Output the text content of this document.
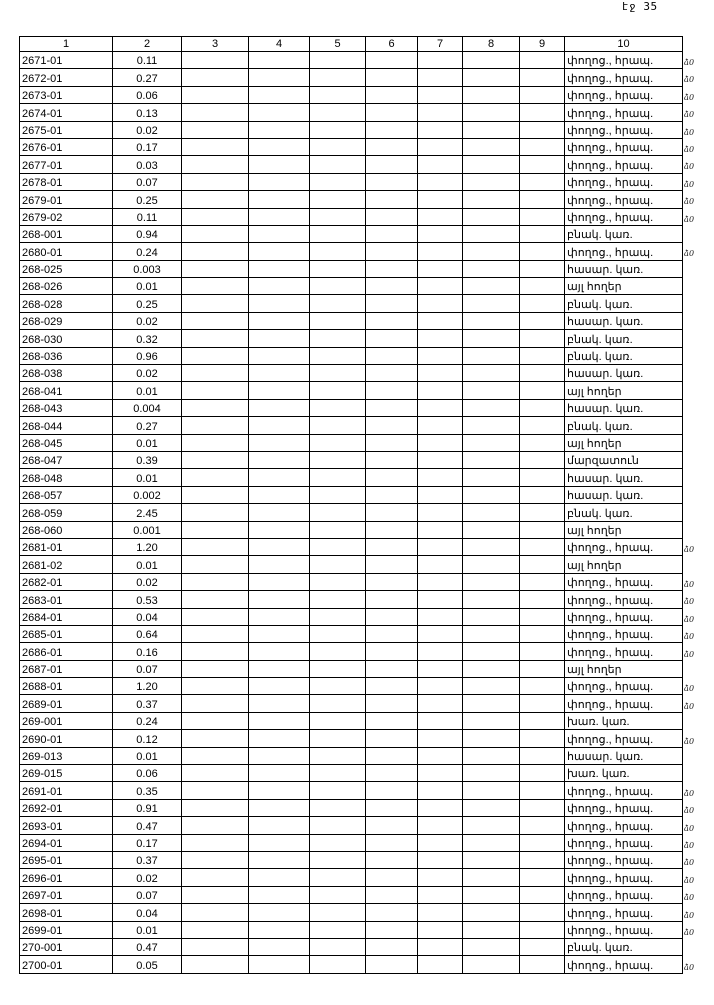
էջ 35
1	2	3	4	5	6	7	8	9	10
2671-01	0.11								փողոց., հրապ.
2672-01	0.27								փողոց., հրապ.
2673-01	0.06								փողոց., հրապ.
2674-01	0.13								փողոց., հրապ.
2675-01	0.02								փողոց., հրապ.
2676-01	0.17								փողոց., հրապ.
2677-01	0.03								փողոց., հրապ.
2678-01	0.07								փողոց., հրապ.
2679-01	0.25								փողոց., հրապ.
2679-02	0.11								փողոց., հրապ.
268-001	0.94								բնակ. կառ.
2680-01	0.24								փողոց., հրապ.
268-025	0.003								հասար. կառ.
268-026	0.01								այլ հողեր
268-028	0.25								բնակ. կառ.
268-029	0.02								հասար. կառ.
268-030	0.32								բնակ. կառ.
268-036	0.96								բնակ. կառ.
268-038	0.02								հասար. կառ.
268-041	0.01								այլ հողեր
268-043	0.004								հասար. կառ.
268-044	0.27								բնակ. կառ.
268-045	0.01								այլ հողեր
268-047	0.39								մարզատուն
268-048	0.01								հասար. կառ.
268-057	0.002								հասար. կառ.
268-059	2.45								բնակ. կառ.
268-060	0.001								այլ հողեր
2681-01	1.20								փողոց., հրապ.
2681-02	0.01								այլ հողեր
2682-01	0.02								փողոց., հրապ.
2683-01	0.53								փողոց., հրապ.
2684-01	0.04								փողոց., հրապ.
2685-01	0.64								փողոց., հրապ.
2686-01	0.16								փողոց., հրապ.
2687-01	0.07								այլ հողեր
2688-01	1.20								փողոց., հրապ.
2689-01	0.37								փողոց., հրապ.
269-001	0.24								խառ. կառ.
2690-01	0.12								փողոց., հրապ.
269-013	0.01								հասար. կառ.
269-015	0.06								խառ. կառ.
2691-01	0.35								փողոց., հրապ.
2692-01	0.91								փողոց., հրապ.
2693-01	0.47								փողոց., հրապ.
2694-01	0.17								փողոց., հրապ.
2695-01	0.37								փողոց., հրապ.
2696-01	0.02								փողոց., հրապ.
2697-01	0.07								փողոց., հրապ.
2698-01	0.04								փողոց., հրապ.
2699-01	0.01								փողոց., հրապ.
270-001	0.47								բնակ. կառ.
2700-01	0.05								փողոց., հրապ.
ձ0
ձ0
ձ0
ձ0
ձ0
ձ0
ձ0
ձ0
ձ0
ձ0
ձ0
ձ0
ձ0
ձ0
ձ0
ձ0
ձ0
ձ0
ձ0
ձ0
ձ0
ձ0
ձ0
ձ0
ձ0
ձ0
ձ0
ձ0
ձ0
ձ0
